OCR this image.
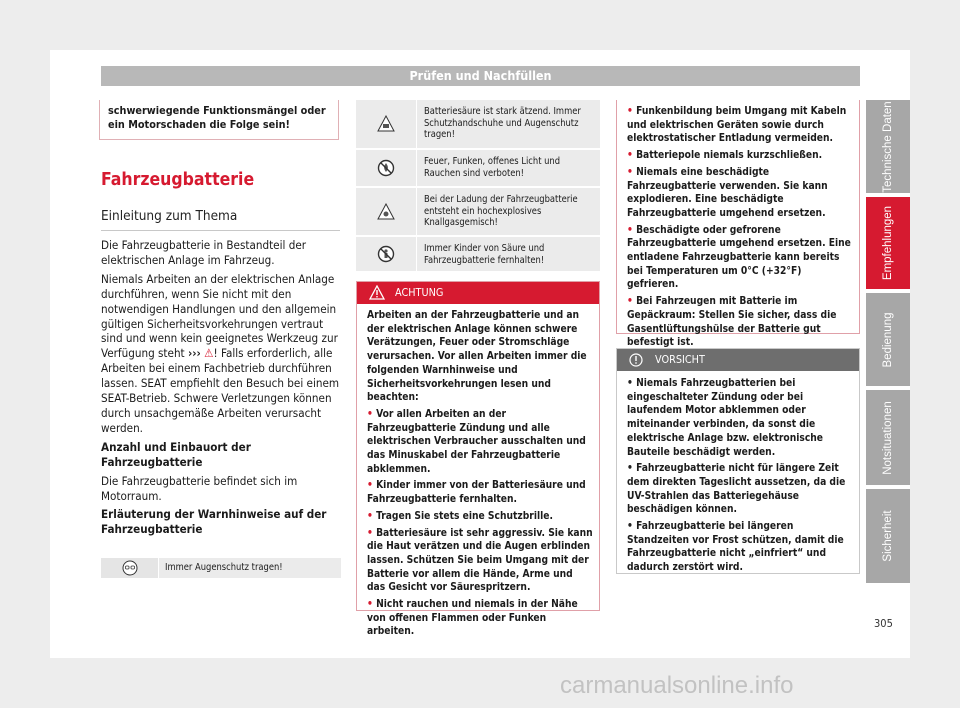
Prüfen und Nachfüllen
Technische Daten
Empfehlungen
Bedienung
Notsituationen
Sicherheit

schwerwiegende Funktionsmängel oder ein Motorschaden die Folge sein!

Fahrzeugbatterie
Einleitung zum Thema

Die Fahrzeugbatterie in Bestandteil der elektrischen Anlage im Fahrzeug.

Niemals Arbeiten an der elektrischen Anlage durchführen, wenn Sie nicht mit den notwendigen Handlungen und den allgemein gültigen Sicherheitsvorkehrungen vertraut sind und wenn kein geeignetes Werkzeug zur Verfügung steht ››› ⚠! Falls erforderlich, alle Arbeiten bei einem Fachbetrieb durchführen lassen. SEAT empfiehlt den Besuch bei einem SEAT-Betrieb. Schwere Verletzungen können durch unsachgemäße Arbeiten verursacht werden.

Anzahl und Einbauort der Fahrzeugbatterie

Die Fahrzeugbatterie befindet sich im Motorraum.

Erläuterung der Warnhinweise auf der Fahrzeugbatterie

Immer Augenschutz tragen!
Batteriesäure ist stark ätzend. Immer Schutzhandschuhe und Augenschutz tragen!
Feuer, Funken, offenes Licht und Rauchen sind verboten!
Bei der Ladung der Fahrzeugbatterie entsteht ein hochexplosives Knallgasgemisch!
Immer Kinder von Säure und Fahrzeugbatterie fernhalten!
ACHTUNG

Arbeiten an der Fahrzeugbatterie und an der elektrischen Anlage können schwere Verätzungen, Feuer oder Stromschläge verursachen. Vor allen Arbeiten immer die folgenden Warnhinweise und Sicherheitsvorkehrungen lesen und beachten:

• Vor allen Arbeiten an der Fahrzeugbatterie Zündung und alle elektrischen Verbraucher ausschalten und das Minuskabel der Fahrzeugbatterie abklemmen.

• Kinder immer von der Batteriesäure und Fahrzeugbatterie fernhalten.

• Tragen Sie stets eine Schutzbrille.

• Batteriesäure ist sehr aggressiv. Sie kann die Haut verätzen und die Augen erblinden lassen. Schützen Sie beim Umgang mit der Batterie vor allem die Hände, Arme und das Gesicht vor Säurespritzern.

• Nicht rauchen und niemals in der Nähe von offenen Flammen oder Funken arbeiten.

• Funkenbildung beim Umgang mit Kabeln und elektrischen Geräten sowie durch elektrostatischer Entladung vermeiden.

• Batteriepole niemals kurzschließen.

• Niemals eine beschädigte Fahrzeugbatterie verwenden. Sie kann explodieren. Eine beschädigte Fahrzeugbatterie umgehend ersetzen.

• Beschädigte oder gefrorene Fahrzeugbatterie umgehend ersetzen. Eine entladene Fahrzeugbatterie kann bereits bei Temperaturen um 0°C (+32°F) gefrieren.

• Bei Fahrzeugen mit Batterie im Gepäckraum: Stellen Sie sicher, dass die Gasentlüftungshülse der Batterie gut befestigt ist.

VORSICHT

• Niemals Fahrzeugbatterien bei eingeschalteter Zündung oder bei laufendem Motor abklemmen oder miteinander verbinden, da sonst die elektrische Anlage bzw. elektronische Bauteile beschädigt werden.

• Fahrzeugbatterie nicht für längere Zeit dem direkten Tageslicht aussetzen, da die UV-Strahlen das Batteriegehäuse beschädigen können.

• Fahrzeugbatterie bei längeren Standzeiten vor Frost schützen, damit die Fahrzeugbatterie nicht „einfriert“ und dadurch zerstört wird.

305
carmanualsonline.info
